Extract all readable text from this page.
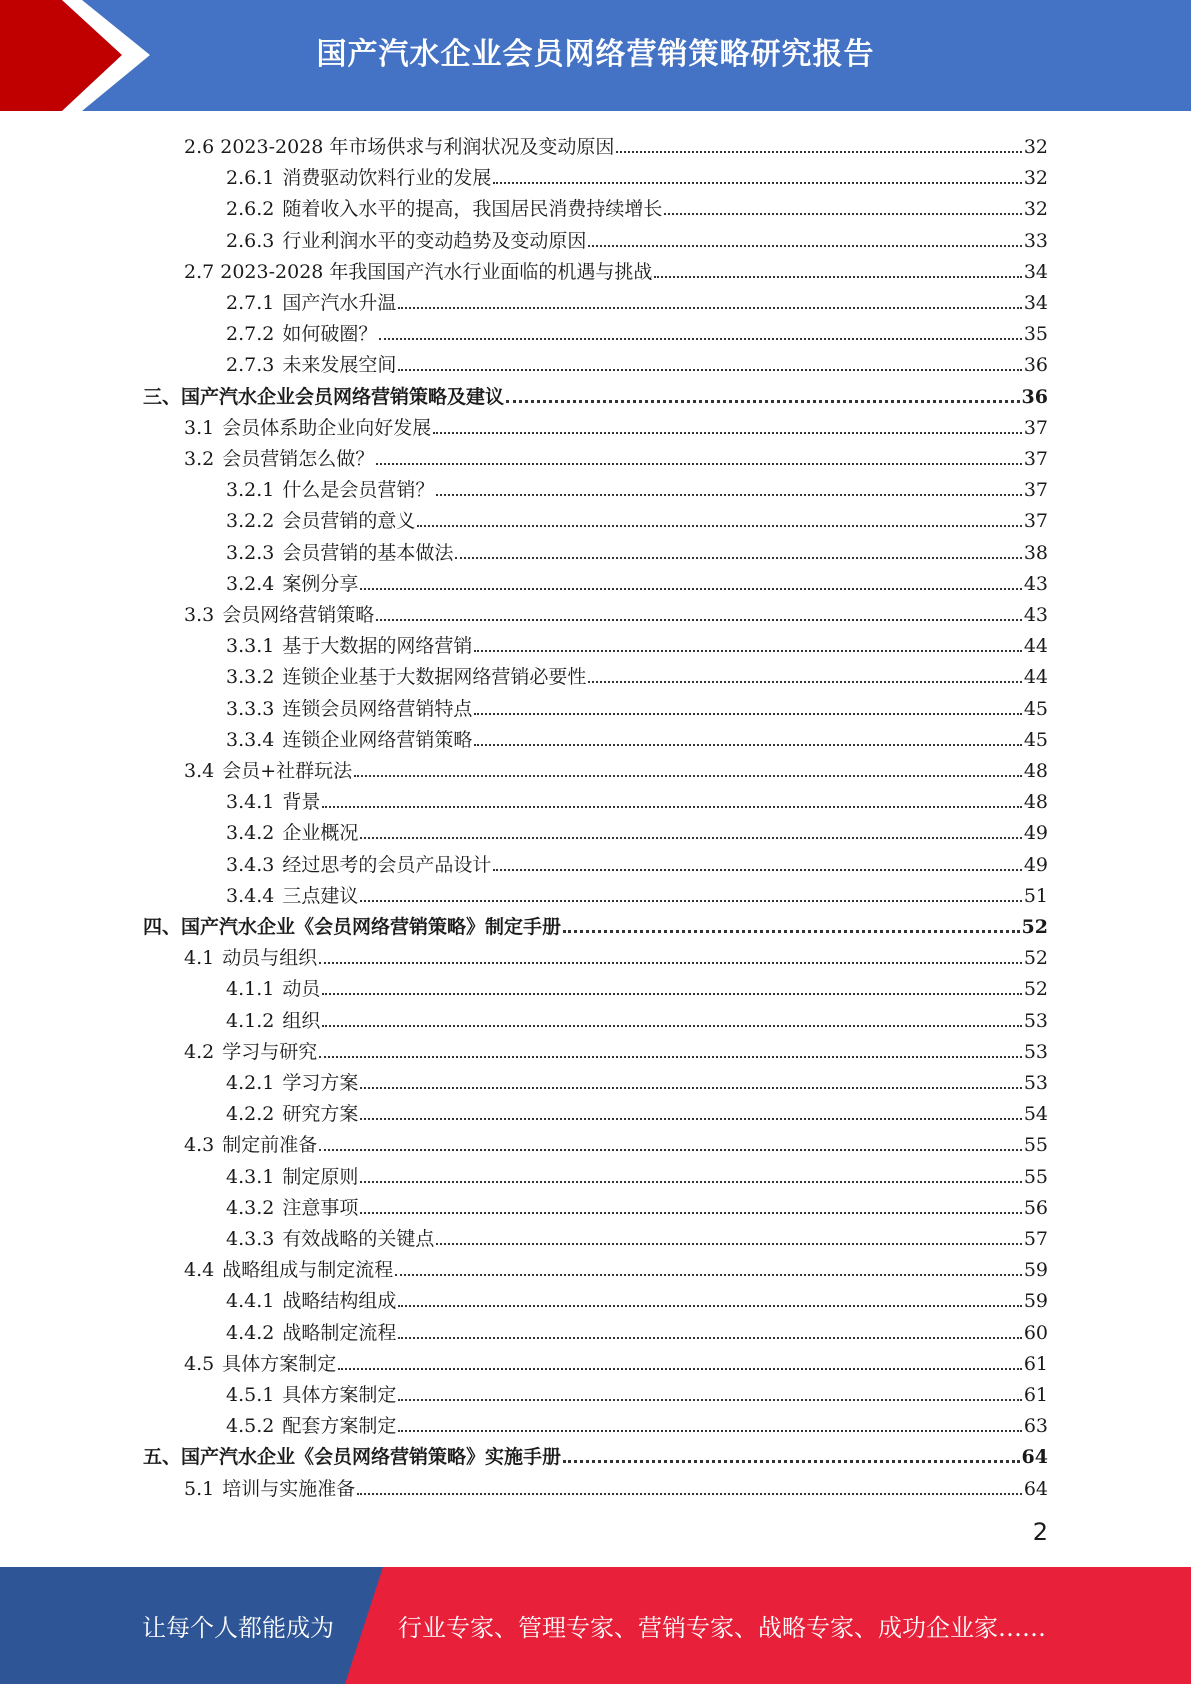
国产汽水企业会员网络营销策略研究报告
2.6 2023-2028 年市场供求与利润状况及变动原因	32
2.6.1 消费驱动饮料行业的发展	32
2.6.2 随着收入水平的提高，我国居民消费持续增长	32
2.6.3 行业利润水平的变动趋势及变动原因	33
2.7 2023-2028 年我国国产汽水行业面临的机遇与挑战	34
2.7.1 国产汽水升温	34
2.7.2 如何破圈？	35
2.7.3 未来发展空间	36
三、国产汽水企业会员网络营销策略及建议	36
3.1 会员体系助企业向好发展	37
3.2 会员营销怎么做？	37
3.2.1 什么是会员营销？	37
3.2.2 会员营销的意义	37
3.2.3 会员营销的基本做法	38
3.2.4 案例分享	43
3.3 会员网络营销策略	43
3.3.1 基于大数据的网络营销	44
3.3.2 连锁企业基于大数据网络营销必要性	44
3.3.3 连锁会员网络营销特点	45
3.3.4 连锁企业网络营销策略	45
3.4 会员+社群玩法	48
3.4.1 背景	48
3.4.2 企业概况	49
3.4.3 经过思考的会员产品设计	49
3.4.4 三点建议	51
四、国产汽水企业《会员网络营销策略》制定手册	52
4.1 动员与组织	52
4.1.1 动员	52
4.1.2 组织	53
4.2 学习与研究	53
4.2.1 学习方案	53
4.2.2 研究方案	54
4.3 制定前准备	55
4.3.1 制定原则	55
4.3.2 注意事项	56
4.3.3 有效战略的关键点	57
4.4 战略组成与制定流程	59
4.4.1 战略结构组成	59
4.4.2 战略制定流程	60
4.5 具体方案制定	61
4.5.1 具体方案制定	61
4.5.2 配套方案制定	63
五、国产汽水企业《会员网络营销策略》实施手册	64
5.1 培训与实施准备	64
2
让每个人都能成为	行业专家、管理专家、营销专家、战略专家、成功企业家……
